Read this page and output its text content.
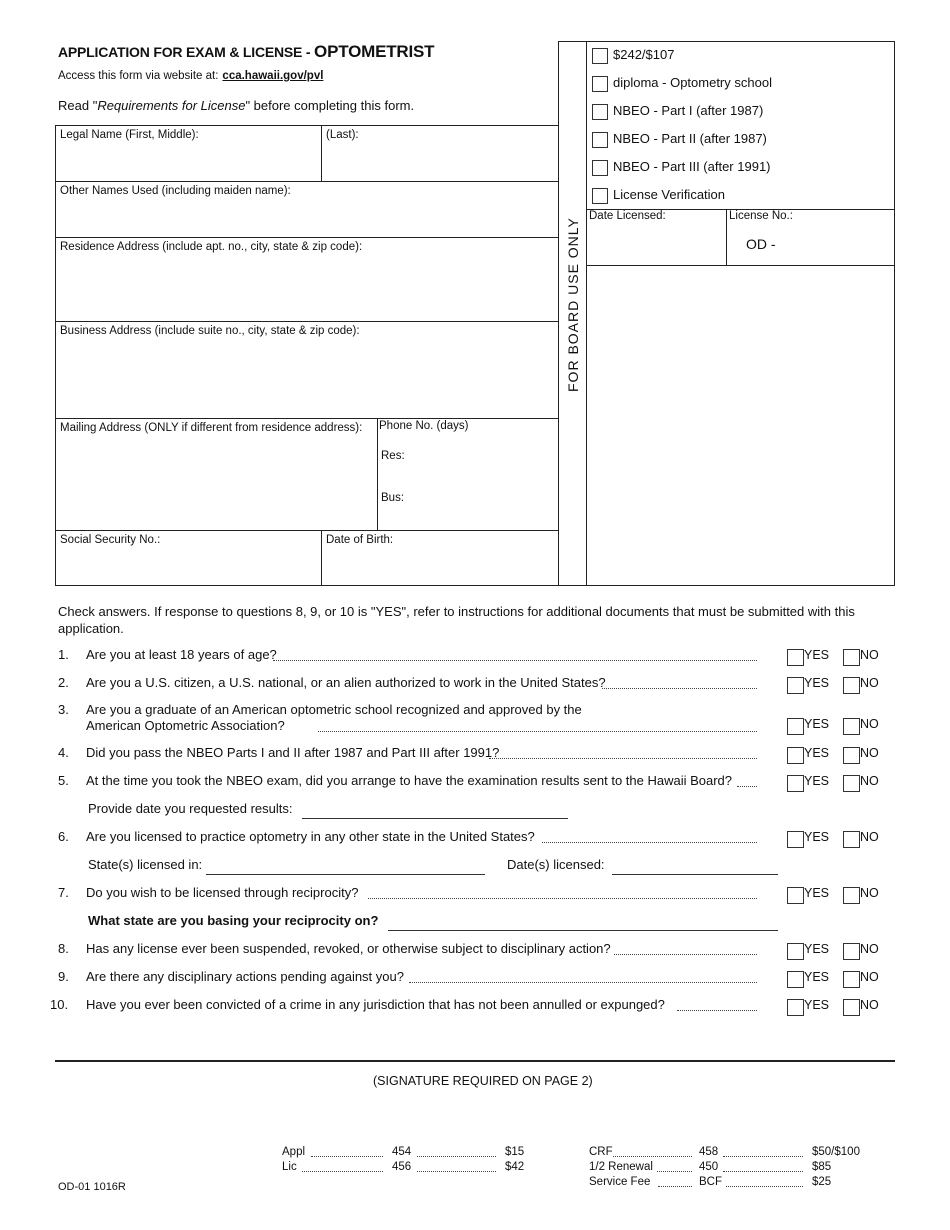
APPLICATION FOR EXAM & LICENSE - OPTOMETRIST
Access this form via website at: cca.hawaii.gov/pvl
Read "Requirements for License" before completing this form.
Legal Name (First, Middle):	(Last):
Other Names Used (including maiden name):
Residence Address (include apt. no., city, state & zip code):
Business Address (include suite no., city, state & zip code):
Mailing Address (ONLY if different from residence address): Phone No. (days)
Res:
Bus:
Social Security No.:	Date of Birth:
FOR BOARD USE ONLY
$242/$107
diploma - Optometry school
NBEO - Part I (after 1987)
NBEO - Part II (after 1987)
NBEO - Part III (after 1991)
License Verification
Date Licensed:	License No.:
OD -
Check answers. If response to questions 8, 9, or 10 is "YES", refer to instructions for additional documents that must be submitted with this application.
1. Are you at least 18 years of age?
2. Are you a U.S. citizen, a U.S. national, or an alien authorized to work in the United States?
3. Are you a graduate of an American optometric school recognized and approved by the
American Optometric Association?
4. Did you pass the NBEO Parts I and II after 1987 and Part III after 1991?
5. At the time you took the NBEO exam, did you arrange to have the examination results sent to the Hawaii Board?
Provide date you requested results:
6. Are you licensed to practice optometry in any other state in the United States?
State(s) licensed in:	Date(s) licensed:
7. Do you wish to be licensed through reciprocity?
What state are you basing your reciprocity on?
8. Has any license ever been suspended, revoked, or otherwise subject to disciplinary action?
9. Are there any disciplinary actions pending against you?
10. Have you ever been convicted of a crime in any jurisdiction that has not been annulled or expunged?
YES NO
YES NO
YES NO
YES NO
YES NO
YES NO
YES NO
YES NO
YES NO
YES NO
(SIGNATURE REQUIRED ON PAGE 2)
Appl	454	$15
Lic	456	$42
CRF	458	$50/$100
1/2 Renewal	450	$85
Service Fee	BCF	$25
OD-01 1016R
